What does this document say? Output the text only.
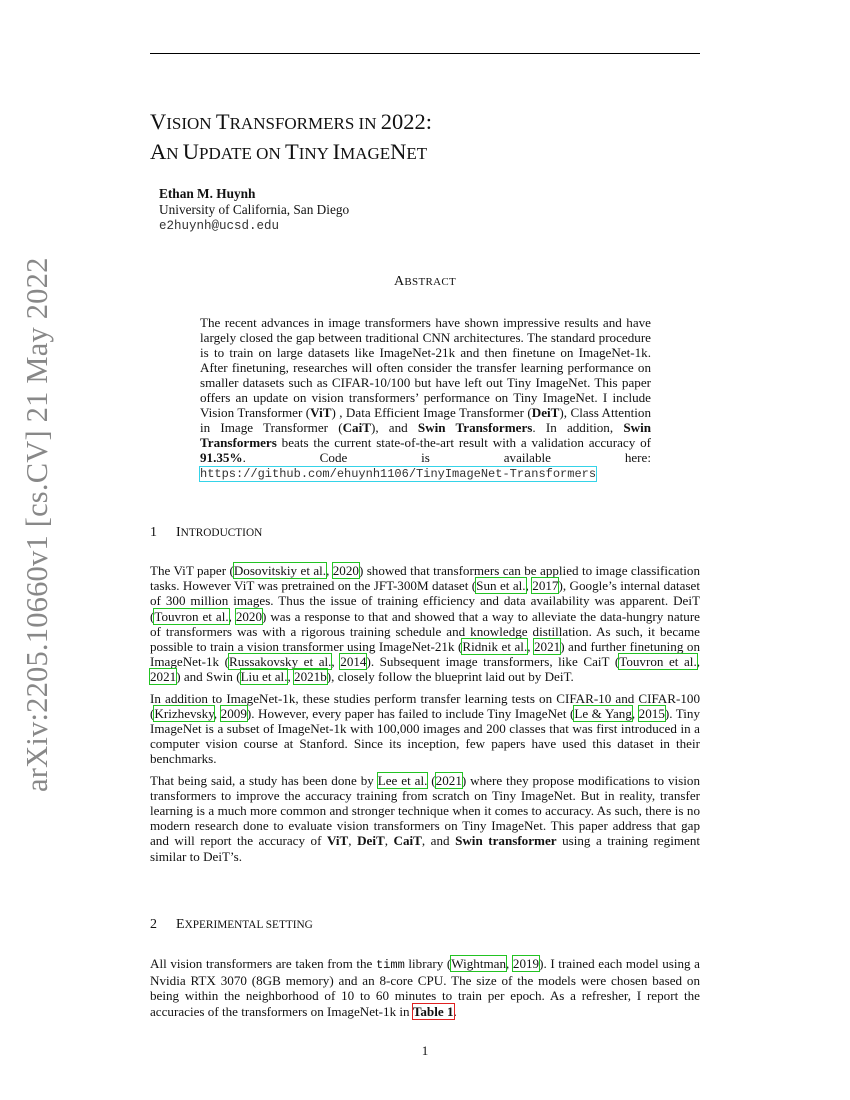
arXiv:2205.10660v1 [cs.CV] 21 May 2022
VISION TRANSFORMERS IN 2022:
AN UPDATE ON TINY IMAGENET
Ethan M. Huynh
University of California, San Diego
e2huynh@ucsd.edu
ABSTRACT
The recent advances in image transformers have shown impressive results and have largely closed the gap between traditional CNN architectures. The standard procedure is to train on large datasets like ImageNet-21k and then finetune on ImageNet-1k. After finetuning, researches will often consider the transfer learning performance on smaller datasets such as CIFAR-10/100 but have left out Tiny ImageNet. This paper offers an update on vision transformers’ performance on Tiny ImageNet. I include Vision Transformer (ViT) , Data Efficient Image Transformer (DeiT), Class Attention in Image Transformer (CaiT), and Swin Transformers. In addition, Swin Transformers beats the current state-of-the-art result with a validation accuracy of 91.35%. Code is available here: https://github.com/ehuynh1106/TinyImageNet-Transformers
1 INTRODUCTION

The ViT paper (Dosovitskiy et al., 2020) showed that transformers can be applied to image classification tasks. However ViT was pretrained on the JFT-300M dataset (Sun et al., 2017), Google’s internal dataset of 300 million images. Thus the issue of training efficiency and data availability was apparent. DeiT (Touvron et al., 2020) was a response to that and showed that a way to alleviate the data-hungry nature of transformers was with a rigorous training schedule and knowledge distillation. As such, it became possible to train a vision transformer using ImageNet-21k (Ridnik et al., 2021) and further finetuning on ImageNet-1k (Russakovsky et al., 2014). Subsequent image transformers, like CaiT (Touvron et al., 2021) and Swin (Liu et al., 2021b), closely follow the blueprint laid out by DeiT.

In addition to ImageNet-1k, these studies perform transfer learning tests on CIFAR-10 and CIFAR-100 (Krizhevsky, 2009). However, every paper has failed to include Tiny ImageNet (Le & Yang, 2015). Tiny ImageNet is a subset of ImageNet-1k with 100,000 images and 200 classes that was first introduced in a computer vision course at Stanford. Since its inception, few papers have used this dataset in their benchmarks.

That being said, a study has been done by Lee et al. (2021) where they propose modifications to vision transformers to improve the accuracy training from scratch on Tiny ImageNet. But in reality, transfer learning is a much more common and stronger technique when it comes to accuracy. As such, there is no modern research done to evaluate vision transformers on Tiny ImageNet. This paper address that gap and will report the accuracy of ViT, DeiT, CaiT, and Swin transformer using a training regiment similar to DeiT’s.

2 EXPERIMENTAL SETTING

All vision transformers are taken from the timm library (Wightman, 2019). I trained each model using a Nvidia RTX 3070 (8GB memory) and an 8-core CPU. The size of the models were chosen based on being within the neighborhood of 10 to 60 minutes to train per epoch. As a refresher, I report the accuracies of the transformers on ImageNet-1k in Table 1.

1
